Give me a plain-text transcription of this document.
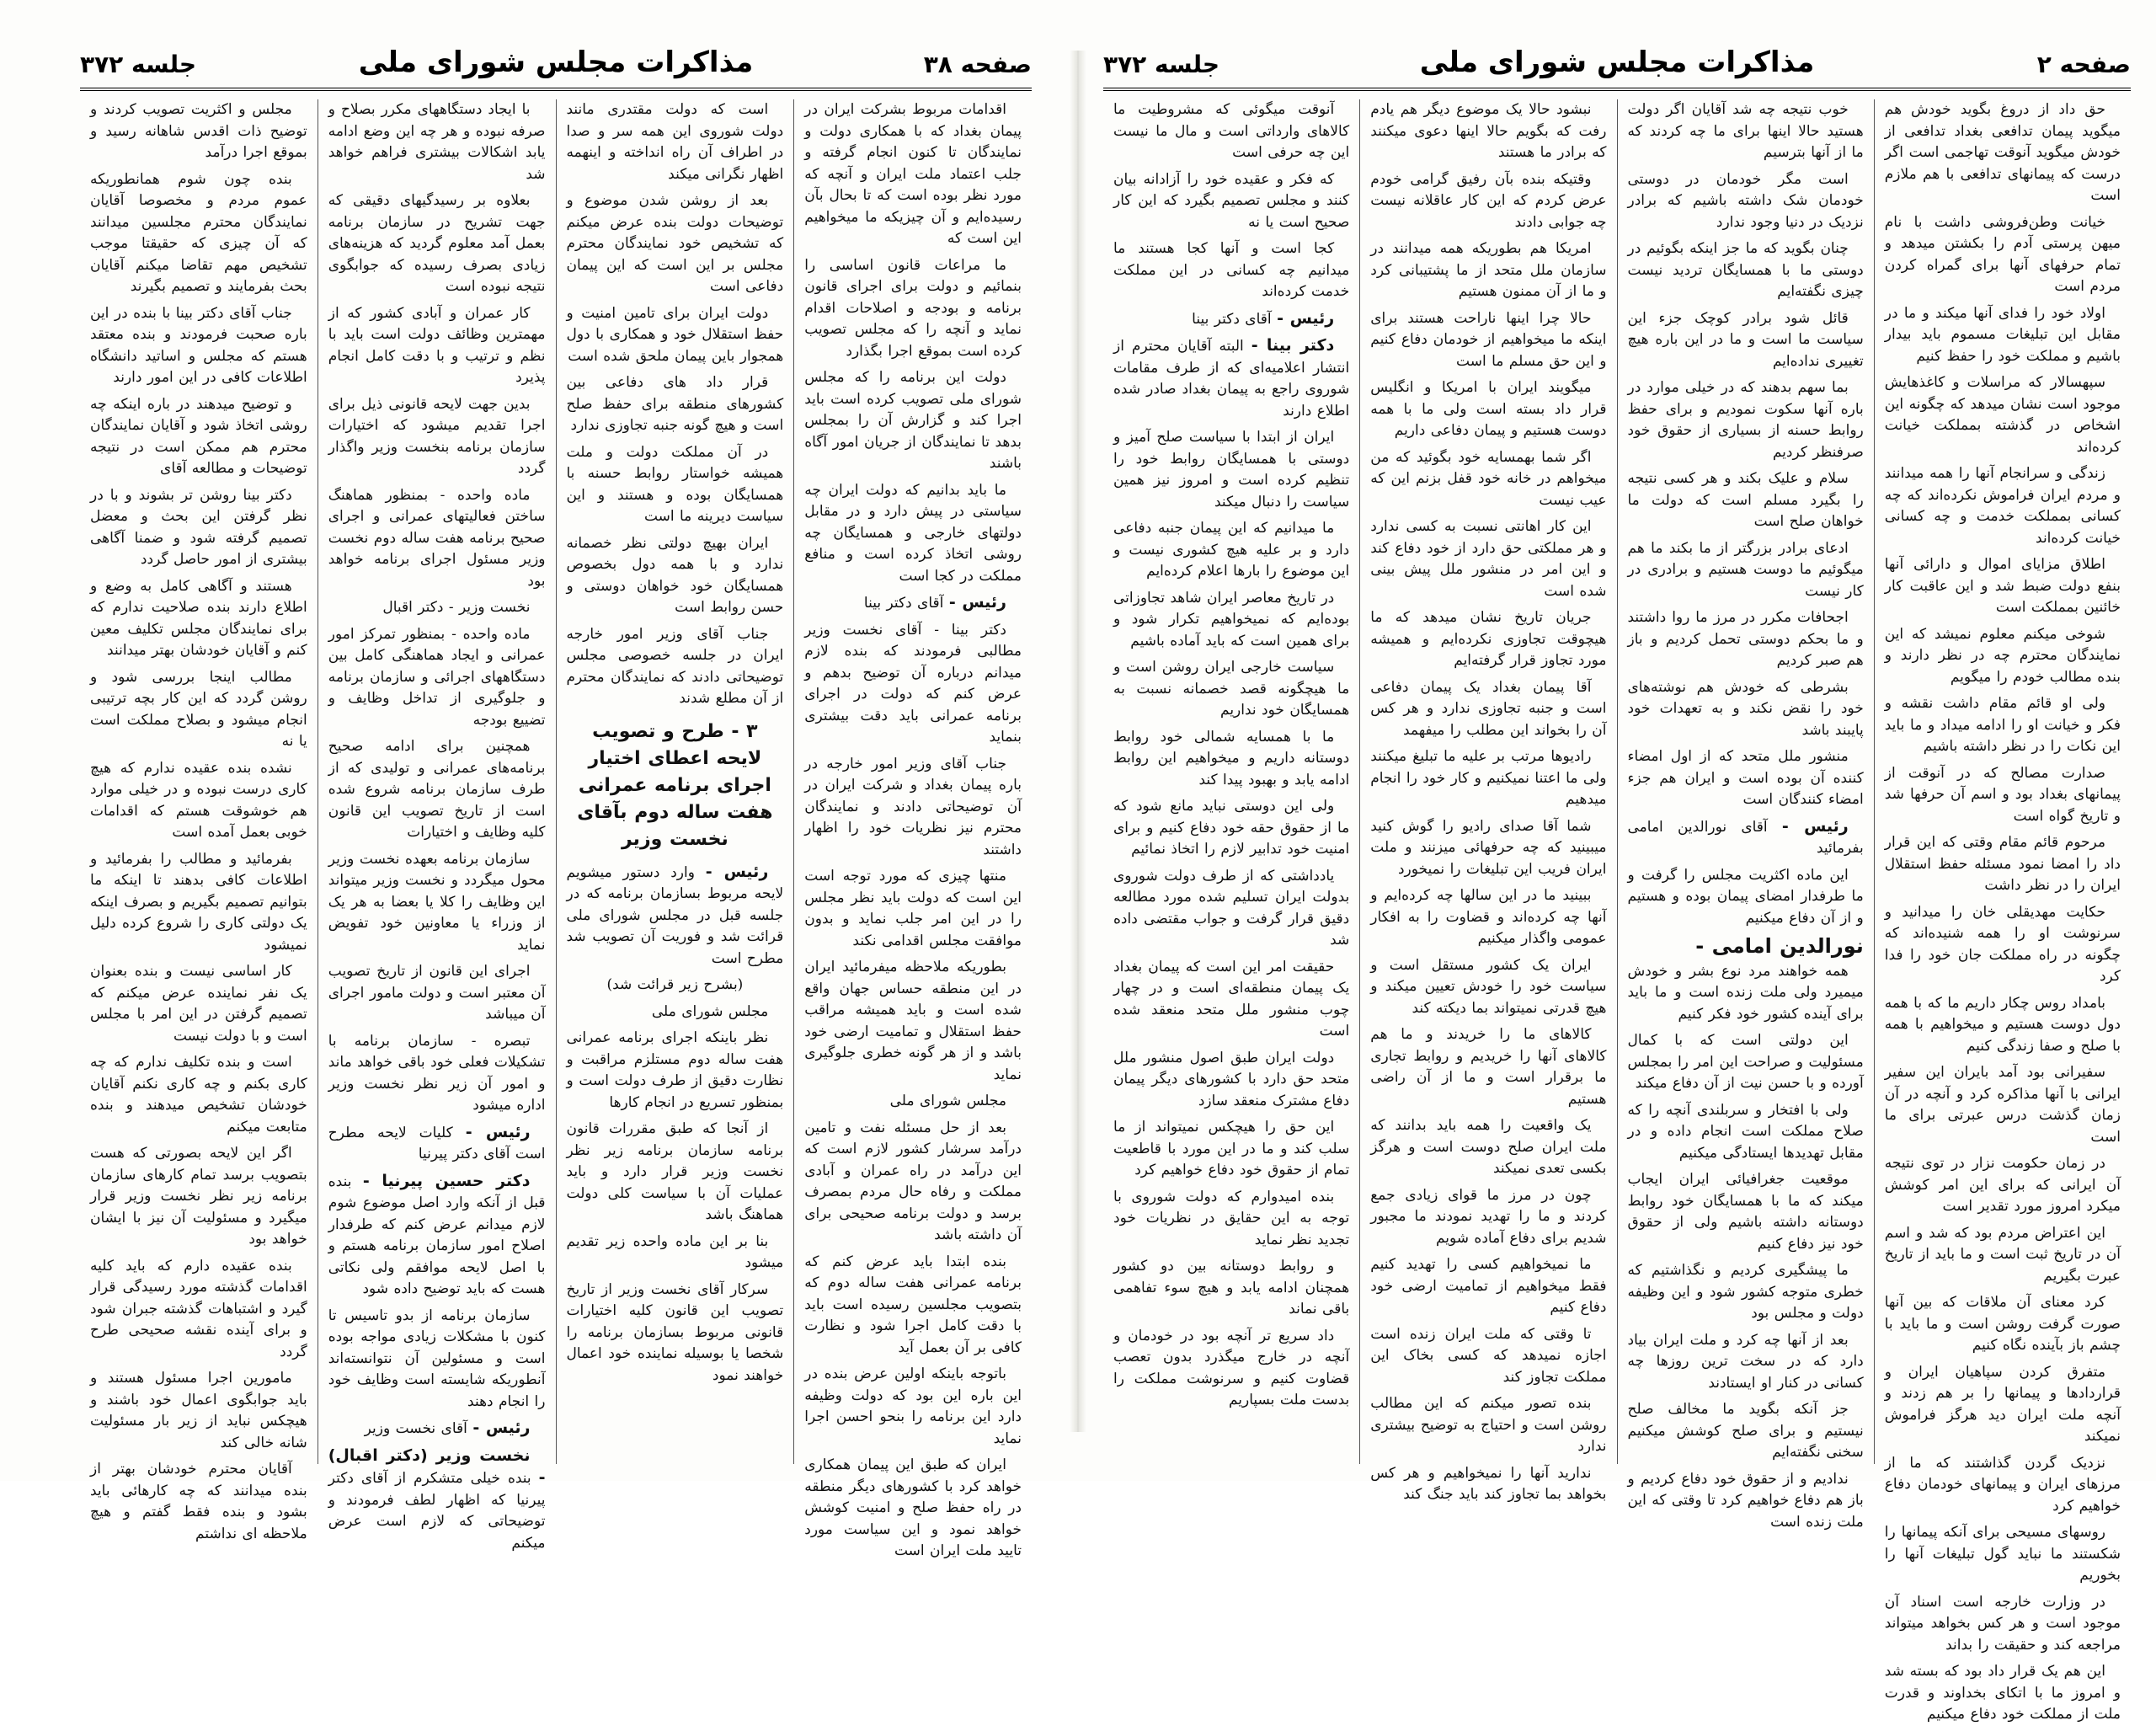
صفحه ۳۸
مذاکرات مجلس شورای ملی
جلسه ۳۷۲

اقدامات مربوط بشرکت ایران در پیمان بغداد که با همکاری دولت و نمایندگان تا کنون انجام گرفته و جلب اعتماد ملت ایران و آنچه که مورد نظر بوده است که تا بحال بآن رسیده‌ایم و آن چیزیکه ما میخواهیم این است که

ما مراعات قانون اساسی را بنمائیم و دولت برای اجرای قانون برنامه و بودجه و اصلاحات اقدام نماید و آنچه را که مجلس تصویب کرده است بموقع اجرا بگذارد

دولت این برنامه را که مجلس شورای ملی تصویب کرده است باید اجرا کند و گزارش آن را بمجلس بدهد تا نمایندگان از جریان امور آگاه باشند

ما باید بدانیم که دولت ایران چه سیاستی در پیش دارد و در مقابل دولتهای خارجی و همسایگان چه روشی اتخاذ کرده است و منافع مملکت در کجا است

رئیس - آقای دکتر بینا

دکتر بینا - آقای نخست وزیر مطالبی فرمودند که بنده لازم میدانم درباره آن توضیح بدهم و عرض کنم که دولت در اجرای برنامه عمرانی باید دقت بیشتری بنماید

جناب آقای وزیر امور خارجه در باره پیمان بغداد و شرکت ایران در آن توضیحاتی دادند و نمایندگان محترم نیز نظریات خود را اظهار داشتند

منتها چیزی که مورد توجه است این است که دولت باید نظر مجلس را در این امر جلب نماید و بدون موافقت مجلس اقدامی نکند

بطوریکه ملاحظه میفرمائید ایران در این منطقه حساس جهان واقع شده است و باید همیشه مراقب حفظ استقلال و تمامیت ارضی خود باشد و از هر گونه خطری جلوگیری نماید

مجلس شورای ملی

بعد از حل مسئله نفت و تامین درآمد سرشار کشور لازم است که این درآمد در راه عمران و آبادی مملکت و رفاه حال مردم بمصرف برسد و دولت برنامه صحیحی برای آن داشته باشد

بنده ابتدا باید عرض کنم که برنامه عمرانی هفت ساله دوم که بتصویب مجلسین رسیده است باید با دقت کامل اجرا شود و نظارت کافی بر آن بعمل آید

باتوجه باینکه اولین عرض بنده در این باره این بود که دولت وظیفه دارد این برنامه را بنحو احسن اجرا نماید

ایران که طبق این پیمان همکاری خواهد کرد با کشورهای دیگر منطقه در راه حفظ صلح و امنیت کوشش خواهد نمود و این سیاست مورد تایید ملت ایران است

است که دولت مقتدری مانند دولت شوروی این همه سر و صدا در اطراف آن راه انداخته و اینهمه اظهار نگرانی میکند

بعد از روشن شدن موضوع و توضیحات دولت بنده عرض میکنم که تشخیص خود نمایندگان محترم مجلس بر این است که این پیمان دفاعی است

دولت ایران برای تامین امنیت و حفظ استقلال خود و همکاری با دول همجوار باین پیمان ملحق شده است

قرار داد های دفاعی بین کشورهای منطقه برای حفظ صلح است و هیچ گونه جنبه تجاوزی ندارد

در آن مملکت دولت و ملت همیشه خواستار روابط حسنه با همسایگان بوده و هستند و این سیاست دیرینه ما است

ایران بهیچ دولتی نظر خصمانه ندارد و با همه دول بخصوص همسایگان خود خواهان دوستی و حسن روابط است

جناب آقای وزیر امور خارجه ایران در جلسه خصوصی مجلس توضیحاتی دادند که نمایندگان محترم از آن مطلع شدند

۳ - طرح و تصویب لایحه اعطای اختیار اجرای برنامه عمرانی هفت ساله دوم بآقای نخست وزیر

رئیس - وارد دستور میشویم لایحه مربوط بسازمان برنامه که در جلسه قبل در مجلس شورای ملی قرائت شد و فوریت آن تصویب شد مطرح است

(بشرح زیر قرائت شد)

مجلس شورای ملی

نظر باینکه اجرای برنامه عمرانی هفت ساله دوم مستلزم مراقبت و نظارت دقیق از طرف دولت است و بمنظور تسریع در انجام کارها

از آنجا که طبق مقررات قانون برنامه سازمان برنامه زیر نظر نخست وزیر قرار دارد و باید عملیات آن با سیاست کلی دولت هماهنگ باشد

بنا بر این ماده واحده زیر تقدیم میشود

سرکار آقای نخست وزیر از تاریخ تصویب این قانون کلیه اختیارات قانونی مربوط بسازمان برنامه را شخصا یا بوسیله نماینده خود اعمال خواهند نمود

با ایجاد دستگاههای مکرر بصلاح و صرفه نبوده و هر چه این وضع ادامه یابد اشکالات بیشتری فراهم خواهد شد

بعلاوه بر رسیدگیهای دقیقی که جهت تشریح در سازمان برنامه بعمل آمد معلوم گردید که هزینه‌های زیادی بصرف رسیده که جوابگوی نتیجه نبوده است

کار عمران و آبادی کشور که از مهمترین وظائف دولت است باید با نظم و ترتیب و با دقت کامل انجام پذیرد

بدین جهت لایحه قانونی ذیل برای اجرا تقدیم میشود که اختیارات سازمان برنامه بنخست وزیر واگذار گردد

ماده واحده - بمنظور هماهنگ ساختن فعالیتهای عمرانی و اجرای صحیح برنامه هفت ساله دوم نخست وزیر مسئول اجرای برنامه خواهد بود

نخست وزیر - دکتر اقبال

ماده واحده - بمنظور تمرکز امور عمرانی و ایجاد هماهنگی کامل بین دستگاههای اجرائی و سازمان برنامه و جلوگیری از تداخل وظایف و تضییع بودجه

همچنین برای ادامه صحیح برنامه‌های عمرانی و تولیدی که از طرف سازمان برنامه شروع شده است از تاریخ تصویب این قانون کلیه وظایف و اختیارات

سازمان برنامه بعهده نخست وزیر محول میگردد و نخست وزیر میتواند این وظایف را کلا یا بعضا به هر یک از وزراء یا معاونین خود تفویض نماید

اجرای این قانون از تاریخ تصویب آن معتبر است و دولت مامور اجرای آن میباشد

تبصره - سازمان برنامه با تشکیلات فعلی خود باقی خواهد ماند و امور آن زیر نظر نخست وزیر اداره میشود

رئیس - کلیات لایحه مطرح است آقای دکتر پیرنیا

دکتر حسین پیرنیا - بنده قبل از آنکه وارد اصل موضوع شوم لازم میدانم عرض کنم که طرفدار اصلاح امور سازمان برنامه هستم و با اصل لایحه موافقم ولی نکاتی هست که باید توضیح داده شود

سازمان برنامه از بدو تاسیس تا کنون با مشکلات زیادی مواجه بوده است و مسئولین آن نتوانسته‌اند آنطوریکه شایسته است وظایف خود را انجام دهند

رئیس - آقای نخست وزیر

نخست وزیر (دکتر اقبال) - بنده خیلی متشکرم از آقای دکتر پیرنیا که اظهار لطف فرمودند و توضیحاتی که لازم است عرض میکنم

مجلس و اکثریت تصویب کردند و توضیح ذات اقدس شاهانه رسید و بموقع اجرا درآمد

بنده چون شوم همانطوریکه عموم مردم و مخصوصا آقایان نمایندگان محترم مجلسین میدانند که آن چیزی که حقیقتا موجب تشخیص مهم تقاضا میکنم آقایان بحث بفرمایند و تصمیم بگیرند

جناب آقای دکتر بینا با بنده در این باره صحبت فرمودند و بنده معتقد هستم که مجلس و اساتید دانشگاه اطلاعات کافی در این امور دارند

و توضیح میدهند در باره اینکه چه روشی اتخاذ شود و آقایان نمایندگان محترم هم ممکن است در نتیجه توضیحات و مطالعه آقای

دکتر بینا روشن تر بشوند و با در نظر گرفتن این بحث و معضل تصمیم گرفته شود و ضمنا آگاهی بیشتری از امور حاصل گردد

هستند و آگاهی کامل به وضع و اطلاع دارند بنده صلاحیت ندارم که برای نمایندگان مجلس تکلیف معین کنم و آقایان خودشان بهتر میدانند

مطالب اینجا بررسی شود و روشن گردد که این کار بچه ترتیبی انجام میشود و بصلاح مملکت است یا نه

نشده بنده عقیده ندارم که هیچ کاری درست نبوده و در خیلی موارد هم خوشوقت هستم که اقدامات خوبی بعمل آمده است

بفرمائید و مطالب را بفرمائید و اطلاعات کافی بدهند تا اینکه ما بتوانیم تصمیم بگیریم و بصرف اینکه یک دولتی کاری را شروع کرده دلیل نمیشود

کار اساسی نیست و بنده بعنوان یک نفر نماینده عرض میکنم که تصمیم گرفتن در این امر با مجلس است و با دولت نیست

است و بنده تکلیف ندارم که چه کاری بکنم و چه کاری نکنم آقایان خودشان تشخیص میدهند و بنده متابعت میکنم

اگر این لایحه بصورتی که هست بتصویب برسد تمام کارهای سازمان برنامه زیر نظر نخست وزیر قرار میگیرد و مسئولیت آن نیز با ایشان خواهد بود

بنده عقیده دارم که باید کلیه اقدامات گذشته مورد رسیدگی قرار گیرد و اشتباهات گذشته جبران شود و برای آینده نقشه صحیحی طرح گردد

مامورین اجرا مسئول هستند و باید جوابگوی اعمال خود باشند و هیچکس نباید از زیر بار مسئولیت شانه خالی کند

آقایان محترم خودشان بهتر از بنده میدانند که چه کارهائی باید بشود و بنده فقط گفتم و هیچ ملاحظه ای نداشتم

صفحه ۲
مذاکرات مجلس شورای ملی
جلسه ۳۷۲

حق داد از دروغ بگوید خودش هم میگوید پیمان تدافعی بغداد تدافعی از خودش میگوید آنوقت تهاجمی است اگر درست که پیمانهای تدافعی با هم ملازم است

خیانت وطن‌فروشی داشت با نام میهن پرستی آدم را بکشتن میدهد و تمام حرفهای آنها برای گمراه کردن مردم است

اولاد خود را فدای آنها میکند و ما در مقابل این تبلیغات مسموم باید بیدار باشیم و مملکت خود را حفظ کنیم

سپهسالار که مراسلات و کاغذهایش موجود است نشان میدهد که چگونه این اشخاص در گذشته بمملکت خیانت کرده‌اند

زندگی و سرانجام آنها را همه میدانند و مردم ایران فراموش نکرده‌اند که چه کسانی بمملکت خدمت و چه کسانی خیانت کرده‌اند

اطلاق مزایای اموال و دارائی آنها بنفع دولت ضبط شد و این عاقبت کار خائنین بمملکت است

شوخی میکنم معلوم نمیشد که این نمایندگان محترم چه در نظر دارند و بنده مطالب خودم را میگویم

ولی او قائم مقام داشت نقشه و فکر و خیانت او را ادامه میداد و ما باید این نکات را در نظر داشته باشیم

صدارت مصالح که در آنوقت از پیمانهای بغداد بود و اسم آن حرفها شد و تاریخ گواه است

مرحوم قائم مقام وقتی که این قرار داد را امضا نمود مسئله حفظ استقلال ایران را در نظر داشت

حکایت مهدیقلی خان را میدانید و سرنوشت او را همه شنیده‌اند که چگونه در راه مملکت جان خود را فدا کرد

بامداد روس چکار داریم ما که با همه دول دوست هستیم و میخواهیم با همه با صلح و صفا زندگی کنیم

سفیرانی بود آمد بایران این سفیر ایرانی با آنها مذاکره کرد و آنچه در آن زمان گذشت درس عبرتی برای ما است

در زمان حکومت نزار در توی نتیجه آن ایرانی که برای این امر کوشش میکرد امروز مورد تقدیر است

این اعتراض مردم بود که شد و اسم آن در تاریخ ثبت است و ما باید از تاریخ عبرت بگیریم

کرد معنای آن ملاقات که بین آنها صورت گرفت روشن است و ما باید با چشم باز بآینده نگاه کنیم

متفرق کردن سپاهیان ایران و قراردادها و پیمانها را بر هم زدند و آنچه ملت ایران دید هرگز فراموش نمیکند

نزدیک گردن گذاشتند که ما از مرزهای ایران و پیمانهای خودمان دفاع خواهیم کرد

روسهای مسیحی برای آنکه پیمانها را شکستند ما نباید گول تبلیغات آنها را بخوریم

در وزارت خارجه است اسناد آن موجود است و هر کس بخواهد میتواند مراجعه کند و حقیقت را بداند

این هم یک قرار داد بود که بسته شد و امروز ما با اتکای بخداوند و قدرت ملت از مملکت خود دفاع میکنیم

خوب نتیجه چه شد آقایان اگر دولت هستید حالا اینها برای ما چه کردند که ما از آنها بترسیم

است مگر خودمان در دوستی خودمان شک داشته باشیم که برادر نزدیک در دنیا وجود ندارد

چنان بگوید که ما جز اینکه بگوئیم در دوستی ما با همسایگان تردید نیست چیزی نگفته‌ایم

قائل شود برادر کوچک جزء این سیاست ما است و ما در این باره هیچ تغییری نداده‌ایم

بما سهم بدهند که در خیلی موارد در باره آنها سکوت نمودیم و برای حفظ روابط حسنه از بسیاری از حقوق خود صرفنظر کردیم

سلام و علیک بکند و هر کسی نتیجه را بگیرد مسلم است که دولت ما خواهان صلح است

ادعای برادر بزرگتر از ما بکند ما هم میگوئیم ما دوست هستیم و برادری در کار نیست

اجحافات مکرر در مرز ما روا داشتند و ما بحکم دوستی تحمل کردیم و باز هم صبر کردیم

بشرطی که خودش هم نوشته‌های خود را نقض نکند و به تعهدات خود پایبند باشد

منشور ملل متحد که از اول امضاء کننده آن بوده است و ایران هم جزء امضاء کنندگان است

رئیس - آقای نورالدین امامی بفرمائید

این ماده اکثریت مجلس را گرفت و ما طرفدار امضای پیمان بوده و هستیم و از آن دفاع میکنیم

نورالدین امامی -

همه خواهند مرد نوع بشر و خودش میمیرد ولی ملت زنده است و ما باید برای آینده کشور خود فکر کنیم

این دولتی است که با کمال مسئولیت و صراحت این امر را بمجلس آورده و با حسن نیت از آن دفاع میکند

ولی با افتخار و سربلندی آنچه را که صلاح مملکت است انجام داده و در مقابل تهدیدها ایستادگی میکنیم

موقعیت جغرافیائی ایران ایجاب میکند که ما با همسایگان خود روابط دوستانه داشته باشیم ولی از حقوق خود نیز دفاع کنیم

ما پیشگیری کردیم و نگذاشتیم که خطری متوجه کشور شود و این وظیفه دولت و مجلس بود

بعد از آنها چه کرد و ملت ایران بیاد دارد که در سخت ترین روزها چه کسانی در کنار او ایستادند

جز آنکه بگوید ما مخالف صلح نیستیم و برای صلح کوشش میکنیم سخنی نگفته‌ایم

ندادیم و از حقوق خود دفاع کردیم و باز هم دفاع خواهیم کرد تا وقتی که این ملت زنده است

نبشود حالا یک موضوع دیگر هم یادم رفت که بگویم حالا اینها دعوی میکنند که برادر ما هستند

وقتیکه بنده بآن رفیق گرامی خودم عرض کردم که این کار عاقلانه نیست چه جوابی دادند

امریکا هم بطوریکه همه میدانند در سازمان ملل متحد از ما پشتیبانی کرد و ما از آن ممنون هستیم

حالا چرا اینها ناراحت هستند برای اینکه ما میخواهیم از خودمان دفاع کنیم و این حق مسلم ما است

میگویند ایران با امریکا و انگلیس قرار داد بسته است ولی ما با همه دوست هستیم و پیمان دفاعی داریم

اگر شما بهمسایه خود بگوئید که من میخواهم در خانه خود قفل بزنم این که عیب نیست

این کار اهانتی نسبت به کسی ندارد و هر مملکتی حق دارد از خود دفاع کند و این امر در منشور ملل پیش بینی شده است

جریان تاریخ نشان میدهد که ما هیچوقت تجاوزی نکرده‌ایم و همیشه مورد تجاوز قرار گرفته‌ایم

آقا پیمان بغداد یک پیمان دفاعی است و جنبه تجاوزی ندارد و هر کس آن را بخواند این مطلب را میفهمد

رادیوها مرتب بر علیه ما تبلیغ میکنند ولی ما اعتنا نمیکنیم و کار خود را انجام میدهیم

شما آقا صدای رادیو را گوش کنید میبینید که چه حرفهائی میزنند و ملت ایران فریب این تبلیغات را نمیخورد

ببینید ما در این سالها چه کرده‌ایم و آنها چه کرده‌اند و قضاوت را به افکار عمومی واگذار میکنیم

ایران یک کشور مستقل است و سیاست خود را خودش تعیین میکند و هیچ قدرتی نمیتواند بما دیکته کند

کالاهای ما را خریدند و ما هم کالاهای آنها را خریدیم و روابط تجاری ما برقرار است و ما از آن راضی هستیم

یک واقعیت را همه باید بدانند که ملت ایران صلح دوست است و هرگز بکسی تعدی نمیکند

چون در مرز ما قوای زیادی جمع کردند و ما را تهدید نمودند ما مجبور شدیم برای دفاع آماده شویم

ما نمیخواهیم کسی را تهدید کنیم فقط میخواهیم از تمامیت ارضی خود دفاع کنیم

تا وقتی که ملت ایران زنده است اجازه نمیدهد که کسی بخاک این مملکت تجاوز کند

بنده تصور میکنم که این مطالب روشن است و احتیاج به توضیح بیشتری ندارد

ندارید آنها را نمیخواهیم و هر کس بخواهد بما تجاوز کند باید جنگ کند

آنوقت میگوئی که مشروطیت ما کالاهای وارداتی است و مال ما نیست این چه حرفی است

که فکر و عقیده خود را آزادانه بیان کنند و مجلس تصمیم بگیرد که این کار صحیح است یا نه

کجا است و آنها کجا هستند ما میدانیم چه کسانی در این مملکت خدمت کرده‌اند

رئیس - آقای دکتر بینا

دکتر بینا - البته آقایان محترم از انتشار اعلامیه‌ای که از طرف مقامات شوروی راجع به پیمان بغداد صادر شده اطلاع دارند

ایران از ابتدا با سیاست صلح آمیز و دوستی با همسایگان روابط خود را تنظیم کرده است و امروز نیز همین سیاست را دنبال میکند

ما میدانیم که این پیمان جنبه دفاعی دارد و بر علیه هیچ کشوری نیست و این موضوع را بارها اعلام کرده‌ایم

در تاریخ معاصر ایران شاهد تجاوزاتی بوده‌ایم که نمیخواهیم تکرار شود و برای همین است که باید آماده باشیم

سیاست خارجی ایران روشن است و ما هیچگونه قصد خصمانه نسبت به همسایگان خود نداریم

ما با همسایه شمالی خود روابط دوستانه داریم و میخواهیم این روابط ادامه یابد و بهبود پیدا کند

ولی این دوستی نباید مانع شود که ما از حقوق حقه خود دفاع کنیم و برای امنیت خود تدابیر لازم را اتخاذ نمائیم

یادداشتی که از طرف دولت شوروی بدولت ایران تسلیم شده مورد مطالعه دقیق قرار گرفت و جواب مقتضی داده شد

حقیقت امر این است که پیمان بغداد یک پیمان منطقه‌ای است و در چهار چوب منشور ملل متحد منعقد شده است

دولت ایران طبق اصول منشور ملل متحد حق دارد با کشورهای دیگر پیمان دفاع مشترک منعقد سازد

این حق را هیچکس نمیتواند از ما سلب کند و ما در این مورد با قاطعیت تمام از حقوق خود دفاع خواهیم کرد

بنده امیدوارم که دولت شوروی با توجه به این حقایق در نظریات خود تجدید نظر نماید

و روابط دوستانه بین دو کشور همچنان ادامه یابد و هیچ سوء تفاهمی باقی نماند

داد سریع تر آنچه بود در خودمان و آنچه در خارج میگذرد بدون تعصب قضاوت کنیم و سرنوشت مملکت را بدست ملت بسپاریم
